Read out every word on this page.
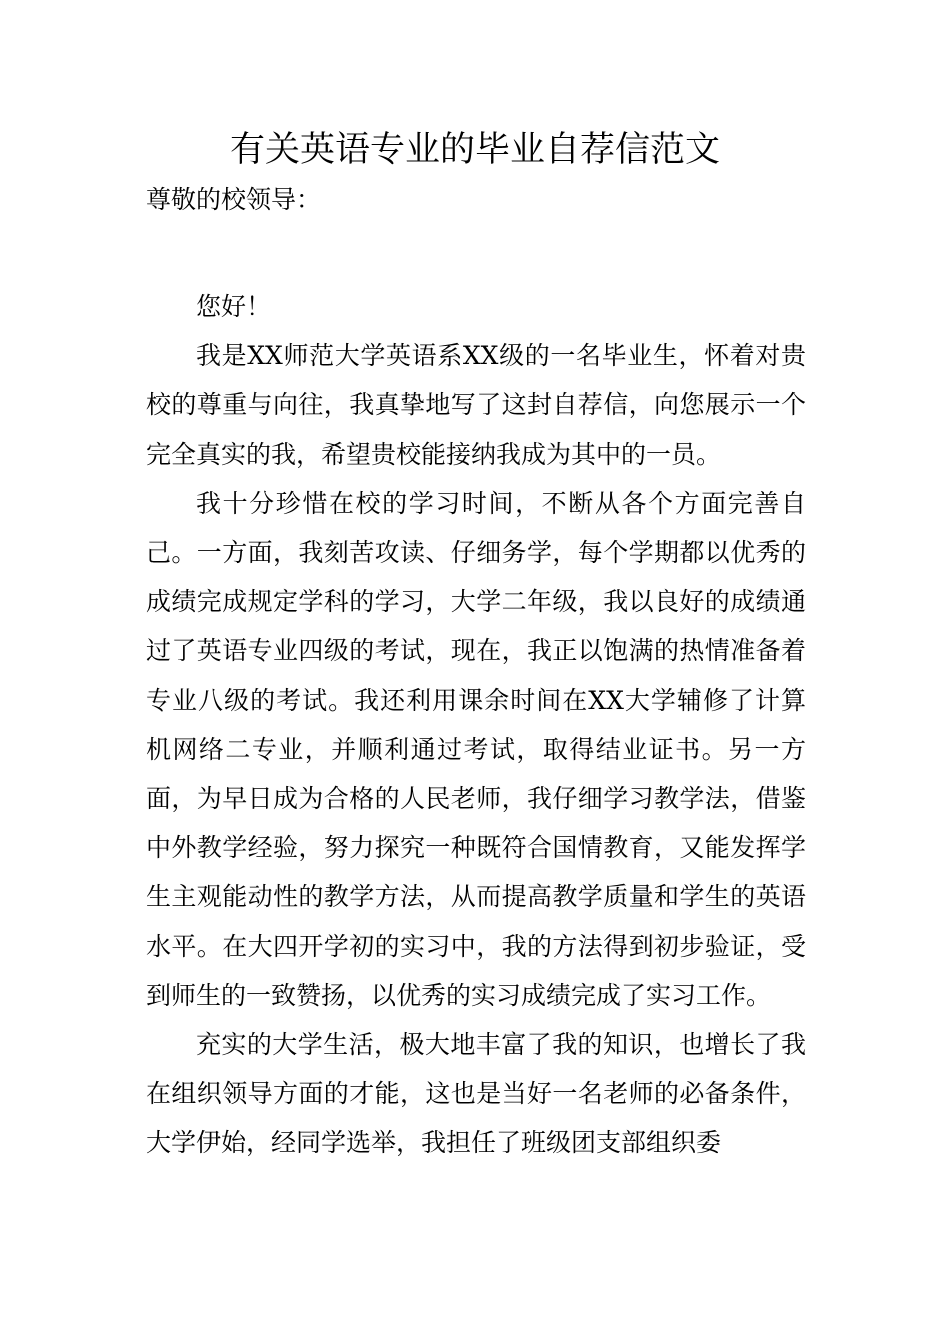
有关英语专业的毕业自荐信范文

尊敬的校领导：

您好！

我是XX师范大学英语系XX级的一名毕业生，怀着对贵校的尊重与向往，我真挚地写了这封自荐信，向您展示一个完全真实的我，希望贵校能接纳我成为其中的一员。

我十分珍惜在校的学习时间，不断从各个方面完善自己。一方面，我刻苦攻读、仔细务学，每个学期都以优秀的成绩完成规定学科的学习，大学二年级，我以良好的成绩通过了英语专业四级的考试，现在，我正以饱满的热情准备着专业八级的考试。我还利用课余时间在XX大学辅修了计算机网络二专业，并顺利通过考试，取得结业证书。另一方面，为早日成为合格的人民老师，我仔细学习教学法，借鉴中外教学经验，努力探究一种既符合国情教育，又能发挥学生主观能动性的教学方法，从而提高教学质量和学生的英语水平。在大四开学初的实习中，我的方法得到初步验证，受到师生的一致赞扬，以优秀的实习成绩完成了实习工作。

充实的大学生活，极大地丰富了我的知识，也增长了我在组织领导方面的才能，这也是当好一名老师的必备条件，大学伊始，经同学选举，我担任了班级团支部组织委
